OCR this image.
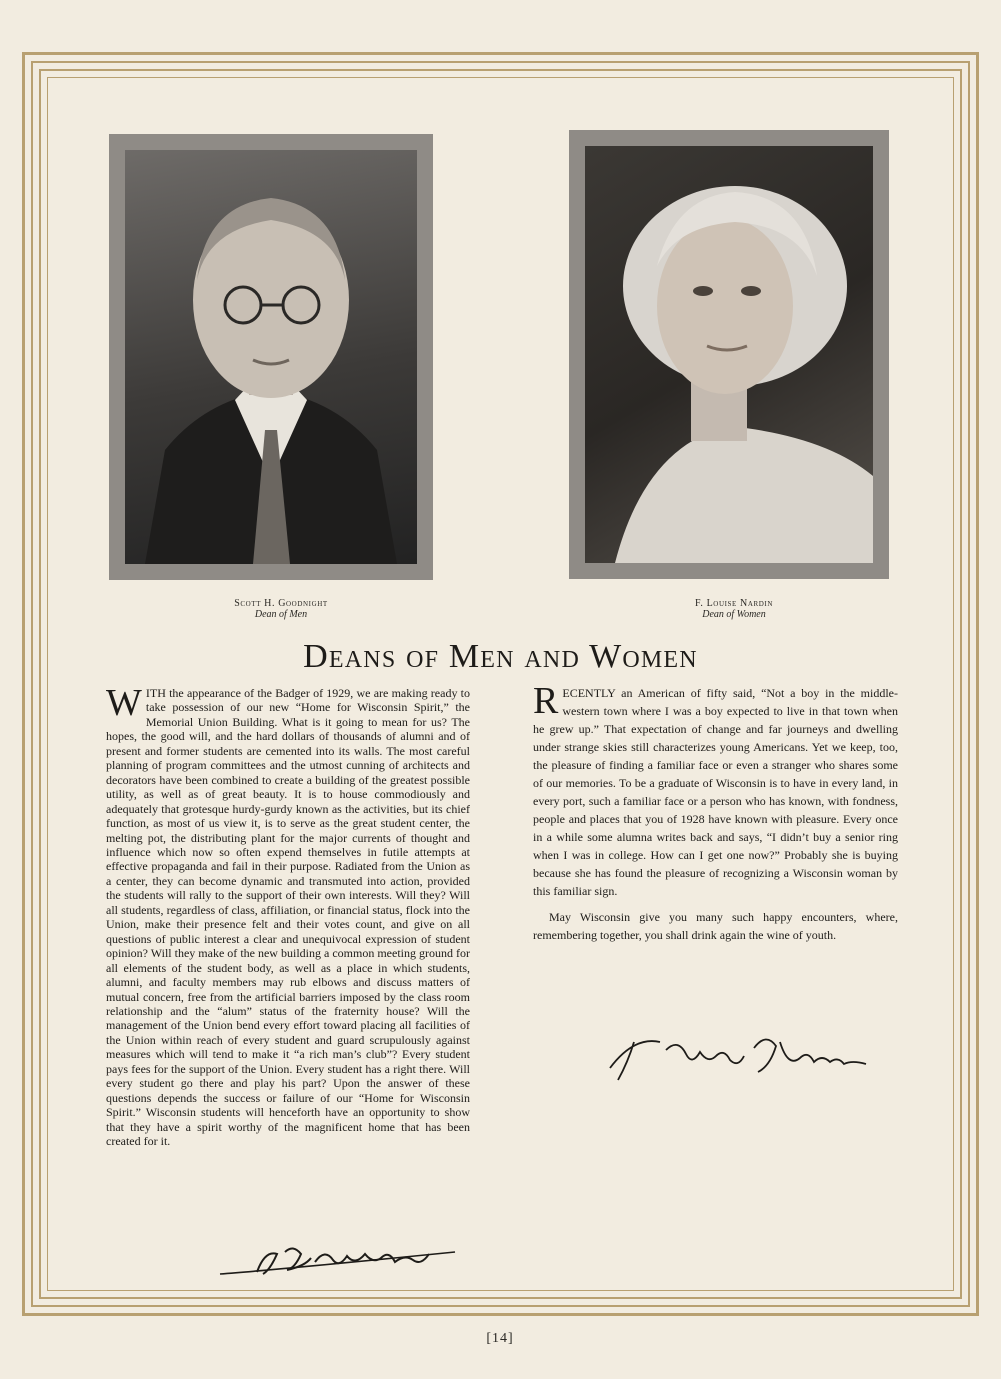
Scott H. Goodnight
Dean of Men
F. Louise Nardin
Dean of Women
Deans of Men and Women

WITH the appearance of the Badger of 1929, we are making ready to take possession of our new “Home for Wisconsin Spirit,” the Memorial Union Building. What is it going to mean for us? The hopes, the good will, and the hard dollars of thousands of alumni and of present and former students are cemented into its walls. The most careful planning of program committees and the utmost cunning of architects and decorators have been combined to create a building of the greatest possible utility, as well as of great beauty. It is to house commodiously and adequately that grotesque hurdy-gurdy known as the activities, but its chief function, as most of us view it, is to serve as the great student center, the melting pot, the distributing plant for the major currents of thought and influence which now so often expend themselves in futile attempts at effective propaganda and fail in their purpose. Radiated from the Union as a center, they can become dynamic and transmuted into action, provided the students will rally to the support of their own interests. Will they? Will all students, regardless of class, affiliation, or financial status, flock into the Union, make their presence felt and their votes count, and give on all questions of public interest a clear and unequivocal expression of student opinion? Will they make of the new building a common meeting ground for all elements of the student body, as well as a place in which students, alumni, and faculty members may rub elbows and discuss matters of mutual concern, free from the artificial barriers imposed by the class room relationship and the “alum” status of the fraternity house? Will the management of the Union bend every effort toward placing all facilities of the Union within reach of every student and guard scrupulously against measures which will tend to make it “a rich man’s club”? Every student pays fees for the support of the Union. Every student has a right there. Will every student go there and play his part? Upon the answer of these questions depends the success or failure of our “Home for Wisconsin Spirit.” Wisconsin students will henceforth have an opportunity to show that they have a spirit worthy of the magnificent home that has been created for it.

RECENTLY an American of fifty said, “Not a boy in the middle-western town where I was a boy expected to live in that town when he grew up.” That expectation of change and far journeys and dwelling under strange skies still characterizes young Americans. Yet we keep, too, the pleasure of finding a familiar face or even a stranger who shares some of our memories. To be a graduate of Wisconsin is to have in every land, in every port, such a familiar face or a person who has known, with fondness, people and places that you of 1928 have known with pleasure. Every once in a while some alumna writes back and says, “I didn’t buy a senior ring when I was in college. How can I get one now?” Probably she is buying because she has found the pleasure of recognizing a Wisconsin woman by this familiar sign.

May Wisconsin give you many such happy encounters, where, remembering together, you shall drink again the wine of youth.

[14]
